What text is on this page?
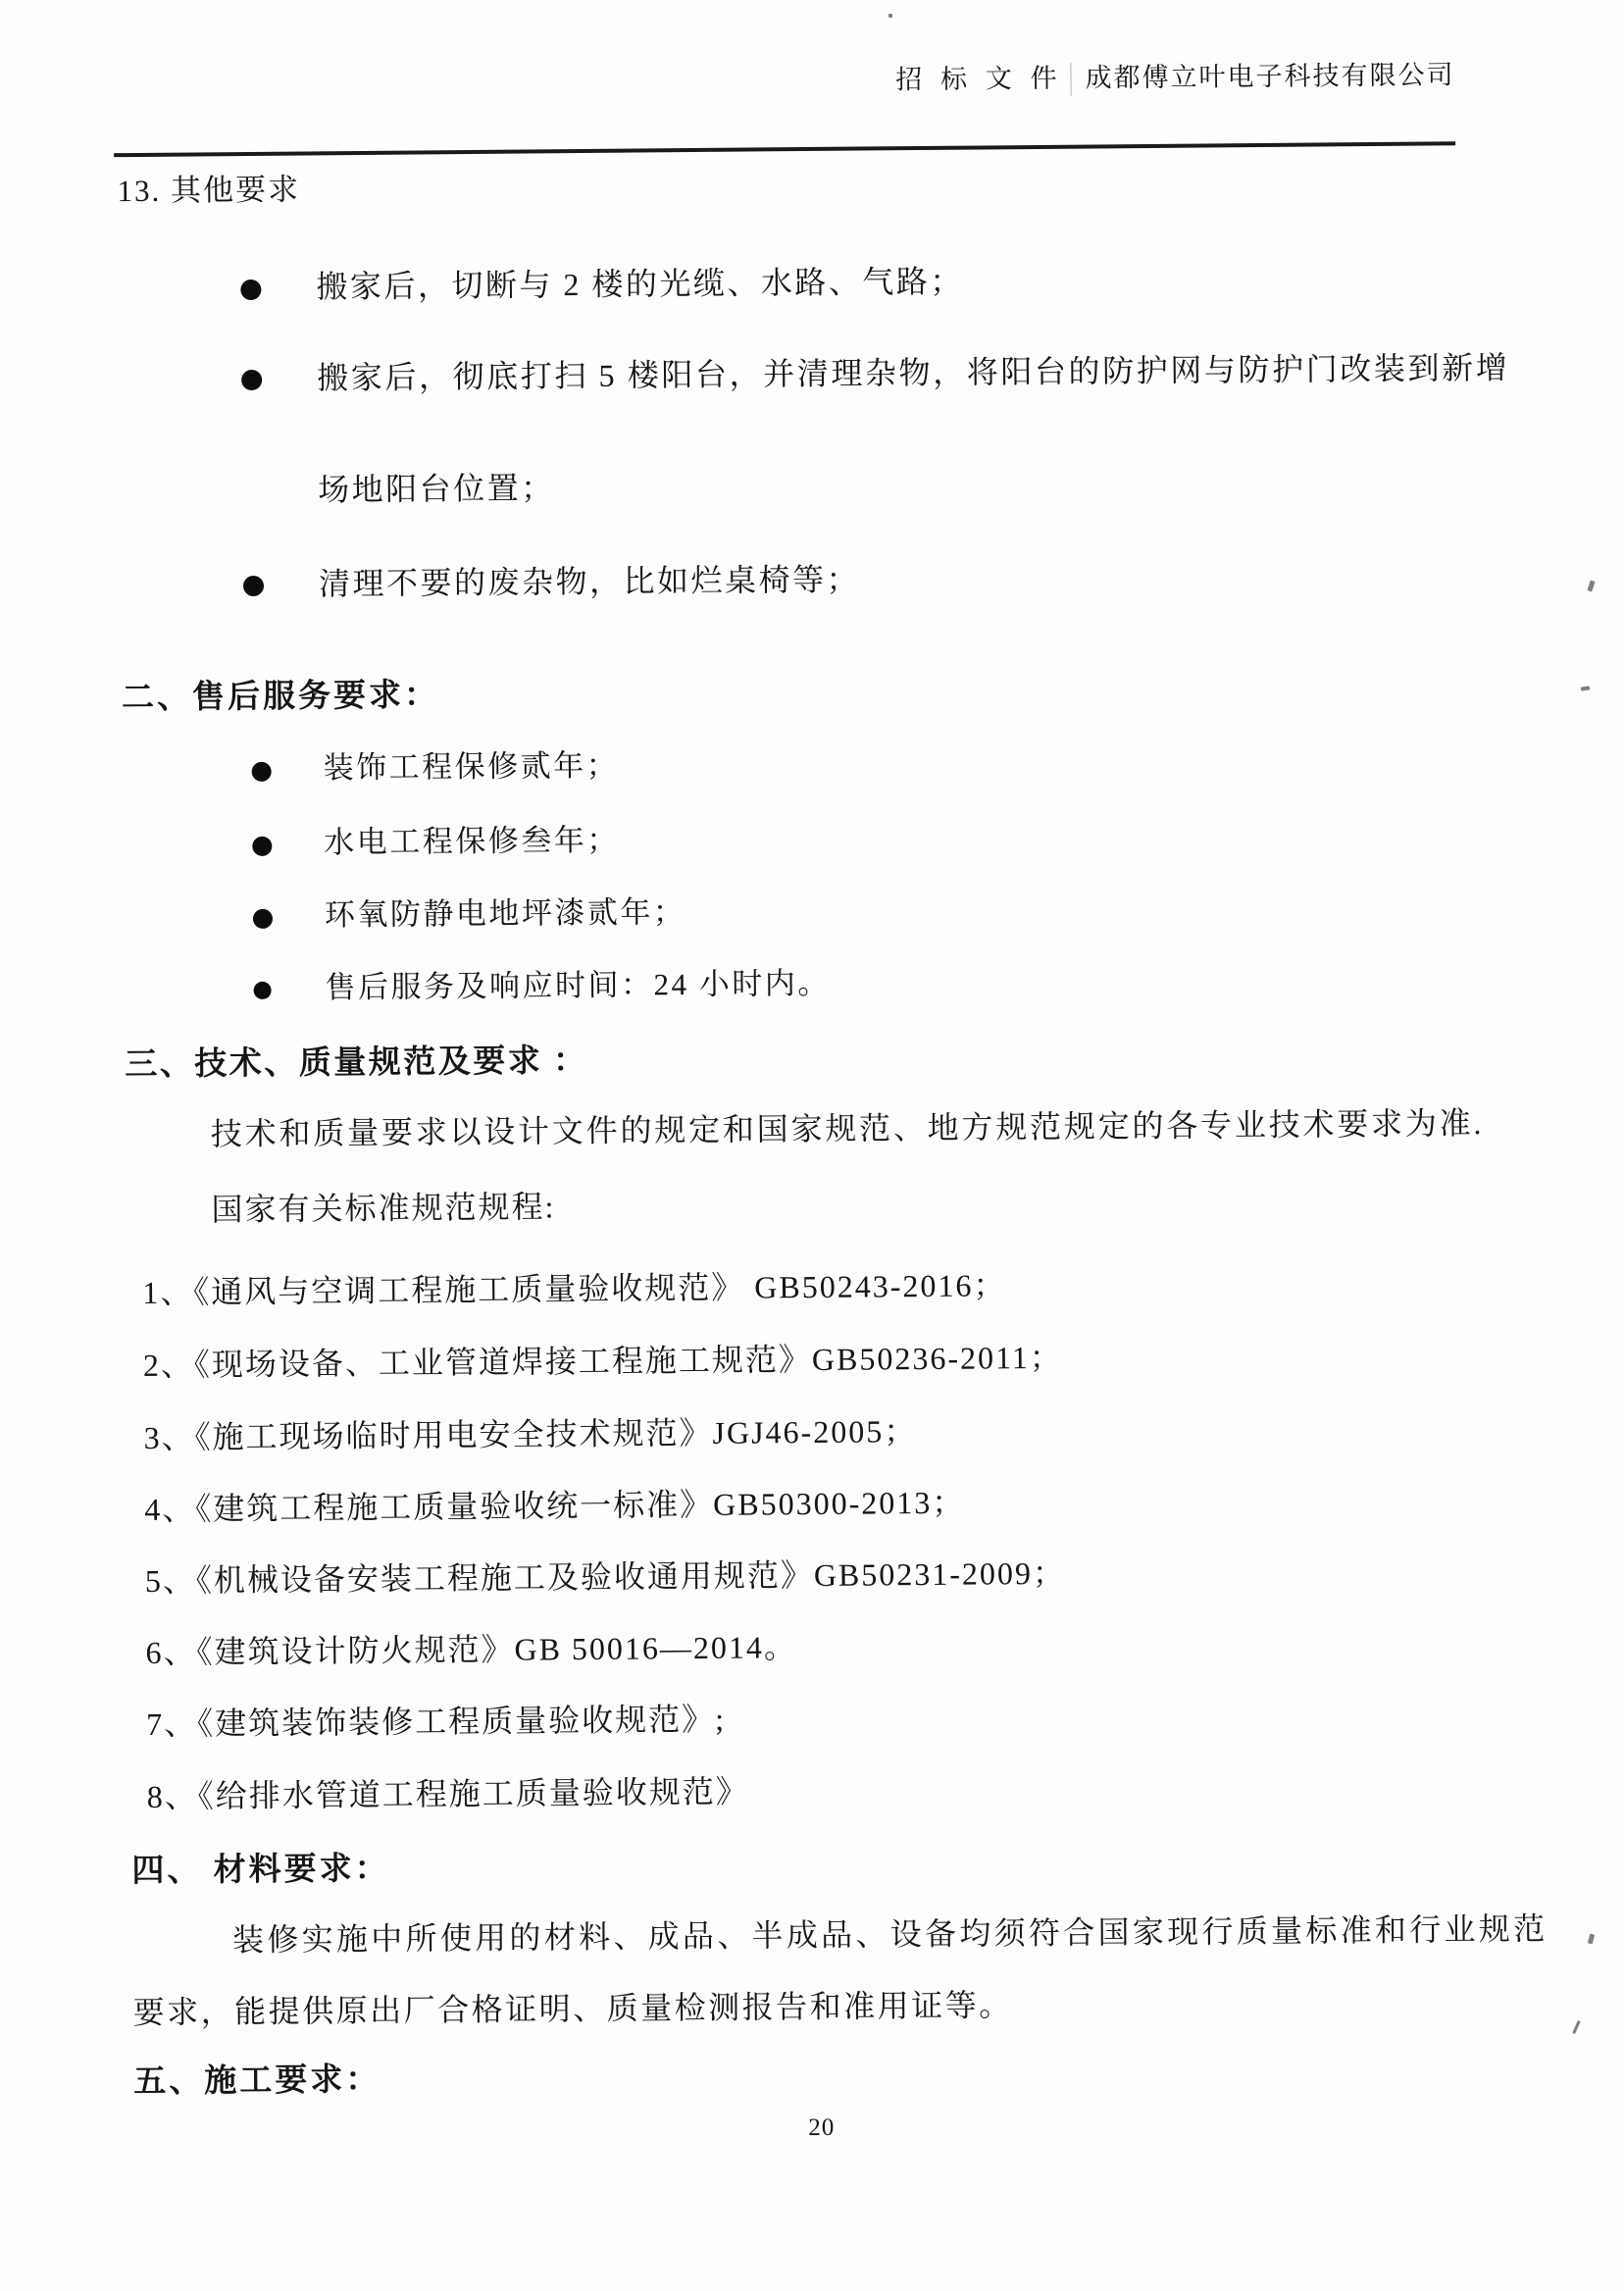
招 标 文 件 成都傅立叶电子科技有限公司
13. 其他要求
搬家后，切断与 2 楼的光缆、水路、气路；
搬家后，彻底打扫 5 楼阳台，并清理杂物，将阳台的防护网与防护门改装到新增
场地阳台位置；
清理不要的废杂物，比如烂桌椅等；
二、售后服务要求：
装饰工程保修贰年；
水电工程保修叁年；
环氧防静电地坪漆贰年；
售后服务及响应时间：24 小时内。
三、技术、质量规范及要求 ：
技术和质量要求以设计文件的规定和国家规范、地方规范规定的各专业技术要求为准.
国家有关标准规范规程:
1、《通风与空调工程施工质量验收规范》 GB50243-2016；
2、《现场设备、工业管道焊接工程施工规范》GB50236-2011；
3、《施工现场临时用电安全技术规范》JGJ46-2005；
4、《建筑工程施工质量验收统一标准》GB50300-2013；
5、《机械设备安装工程施工及验收通用规范》GB50231-2009；
6、《建筑设计防火规范》GB 50016—2014。
7、《建筑装饰装修工程质量验收规范》;
8、《给排水管道工程施工质量验收规范》
四、 材料要求：
装修实施中所使用的材料、成品、半成品、设备均须符合国家现行质量标准和行业规范
要求，能提供原出厂合格证明、质量检测报告和准用证等。
五、施工要求：
20
